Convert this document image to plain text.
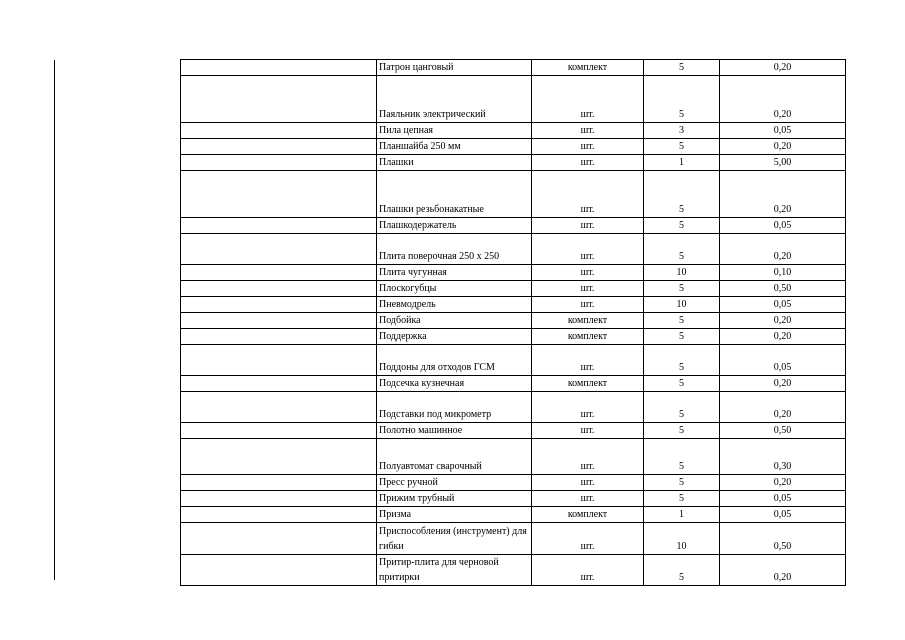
	Патрон цанговый	комплект	5	0,20
	Паяльник электрический	шт.	5	0,20
	Пила цепная	шт.	3	0,05
	Планшайба 250 мм	шт.	5	0,20
	Плашки	шт.	1	5,00
	Плашки резьбонакатные	шт.	5	0,20
	Плашкодержатель	шт.	5	0,05
	Плита поверочная 250 х 250	шт.	5	0,20
	Плита чугунная	шт.	10	0,10
	Плоскогубцы	шт.	5	0,50
	Пневмодрель	шт.	10	0,05
	Подбойка	комплект	5	0,20
	Поддержка	комплект	5	0,20
	Поддоны для отходов ГСМ	шт.	5	0,05
	Подсечка кузнечная	комплект	5	0,20
	Подставки под микрометр	шт.	5	0,20
	Полотно машинное	шт.	5	0,50
	Полуавтомат сварочный	шт.	5	0,30
	Пресс ручной	шт.	5	0,20
	Прижим трубный	шт.	5	0,05
	Призма	комплект	1	0,05
	Приспособления (инструмент) для гибки	шт.	10	0,50
	Притир-плита для черновой притирки	шт.	5	0,20
